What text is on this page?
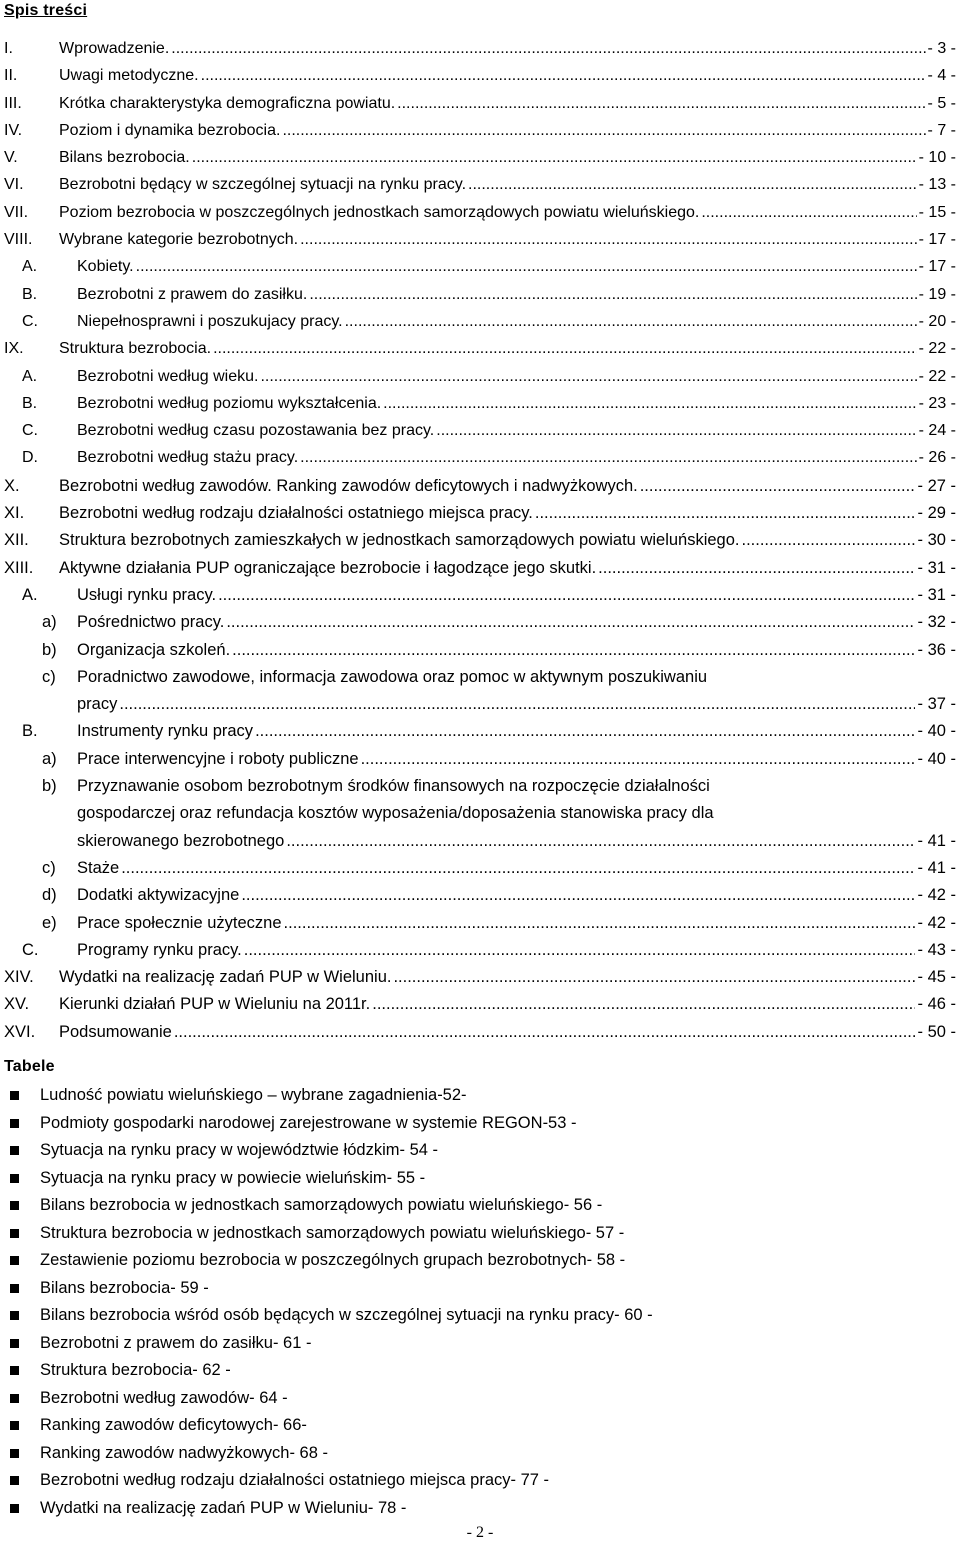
Spis treści
I.	Wprowadzenie. .....	- 3 -
II.	Uwagi metodyczne. .....	- 4 -
III. Krótka charakterystyka demograficzna powiatu. .....	- 5 -
IV. Poziom i dynamika bezrobocia. .....	- 7 -
V.	Bilans bezrobocia. .....	- 10 -
VI. Bezrobotni będący w szczególnej sytuacji na rynku pracy. .....	- 13 -
VII. Poziom bezrobocia w poszczególnych jednostkach samorządowych powiatu wieluńskiego. .....	- 15 -
VIII. Wybrane kategorie bezrobotnych. .....	- 17 -
A. Kobiety. .....	- 17 -
B. Bezrobotni z prawem do zasiłku. .....	- 19 -
C. Niepełnosprawni i poszukujacy pracy. .....	- 20 -
IX. Struktura bezrobocia. .....	- 22 -
A. Bezrobotni według wieku. .....	- 22 -
B. Bezrobotni według poziomu wykształcenia. .....	- 23 -
C. Bezrobotni według czasu pozostawania bez pracy. .....	- 24 -
D. Bezrobotni według stażu pracy. .....	- 26 -
X. Bezrobotni według zawodów. Ranking zawodów deficytowych i nadwyżkowych. .....	- 27 -
XI. Bezrobotni według rodzaju działalności ostatniego miejsca pracy. .....	- 29 -
XII. Struktura bezrobotnych zamieszkałych w jednostkach samorządowych powiatu wieluńskiego. .....	- 30 -
XIII. Aktywne działania PUP ograniczające bezrobocie i łagodzące jego skutki. .....	- 31 -
A. Usługi rynku pracy. .....	- 31 -
a) Pośrednictwo pracy. .....	- 32 -
b) Organizacja szkoleń. .....	- 36 -
c) Poradnictwo zawodowe, informacja zawodowa oraz pomoc w aktywnym poszukiwaniu
pracy .....	- 37 -
B. Instrumenty rynku pracy .....	- 40 -
a) Prace interwencyjne i roboty publiczne .....	- 40 -
b) Przyznawanie osobom bezrobotnym środków finansowych na rozpoczęcie działalności
gospodarczej oraz refundacja kosztów wyposażenia/doposażenia stanowiska pracy dla
skierowanego bezrobotnego .....	- 41 -
c) Staże .....	- 41 -
d) Dodatki aktywizacyjne .....	- 42 -
e) Prace społecznie użyteczne .....	- 42 -
C. Programy rynku pracy. .....	- 43 -
XIV. Wydatki na realizację zadań PUP w Wieluniu. .....	- 45 -
XV. Kierunki działań PUP w Wieluniu na 2011r. .....	- 46 -
XVI. Podsumowanie .....	- 50 -
Tabele
Ludność powiatu wieluńskiego – wybrane zagadnienia -52-
Podmioty gospodarki narodowej zarejestrowane w systemie REGON -53 -
Sytuacja na rynku pracy w województwie łódzkim - 54 -
Sytuacja na rynku pracy w powiecie wieluńskim - 55 -
Bilans bezrobocia w jednostkach samorządowych powiatu wieluńskiego - 56 -
Struktura bezrobocia w jednostkach samorządowych powiatu wieluńskiego - 57 -
Zestawienie poziomu bezrobocia w poszczególnych grupach bezrobotnych - 58 -
Bilans bezrobocia - 59 -
Bilans bezrobocia wśród osób będących w szczególnej sytuacji na rynku pracy - 60 -
Bezrobotni z prawem do zasiłku - 61 -
Struktura bezrobocia - 62 -
Bezrobotni według zawodów - 64 -
Ranking zawodów deficytowych - 66-
Ranking zawodów nadwyżkowych - 68 -
Bezrobotni według rodzaju działalności ostatniego miejsca pracy - 77 -
Wydatki na realizację zadań PUP w Wieluniu - 78 -
- 2 -
